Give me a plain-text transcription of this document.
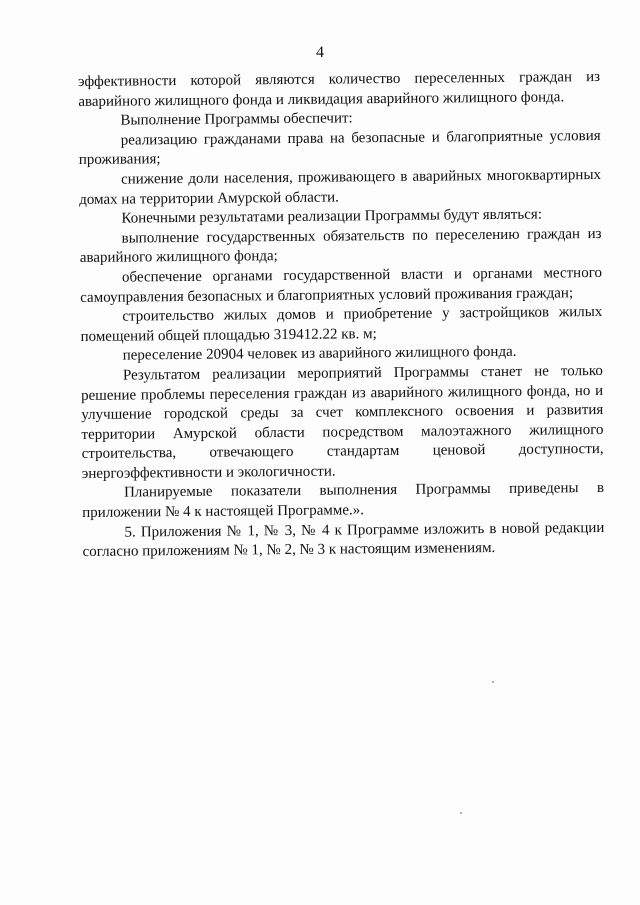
4

эффективности которой являются количество переселенных граждан из аварийного жилищного фонда и ликвидация аварийного жилищного фонда.

Выполнение Программы обеспечит:

реализацию гражданами права на безопасные и благоприятные условия проживания;

снижение доли населения, проживающего в аварийных многоквартирных домах на территории Амурской области.

Конечными результатами реализации Программы будут являться:

выполнение государственных обязательств по переселению граждан из аварийного жилищного фонда;

обеспечение органами государственной власти и органами местного самоуправления безопасных и благоприятных условий проживания граждан;

строительство жилых домов и приобретение у застройщиков жилых помещений общей площадью 319412.22 кв. м;

переселение 20904 человек из аварийного жилищного фонда.

Результатом реализации мероприятий Программы станет не только решение проблемы переселения граждан из аварийного жилищного фонда, но и улучшение городской среды за счет комплексного освоения и развития территории Амурской области посредством малоэтажного жилищного строительства, отвечающего стандартам ценовой доступности, энергоэффективности и экологичности.

Планируемые показатели выполнения Программы приведены в приложении № 4 к настоящей Программе.».

5. Приложения № 1, № 3, № 4 к Программе изложить в новой редакции согласно приложениям № 1, № 2, № 3 к настоящим изменениям.
